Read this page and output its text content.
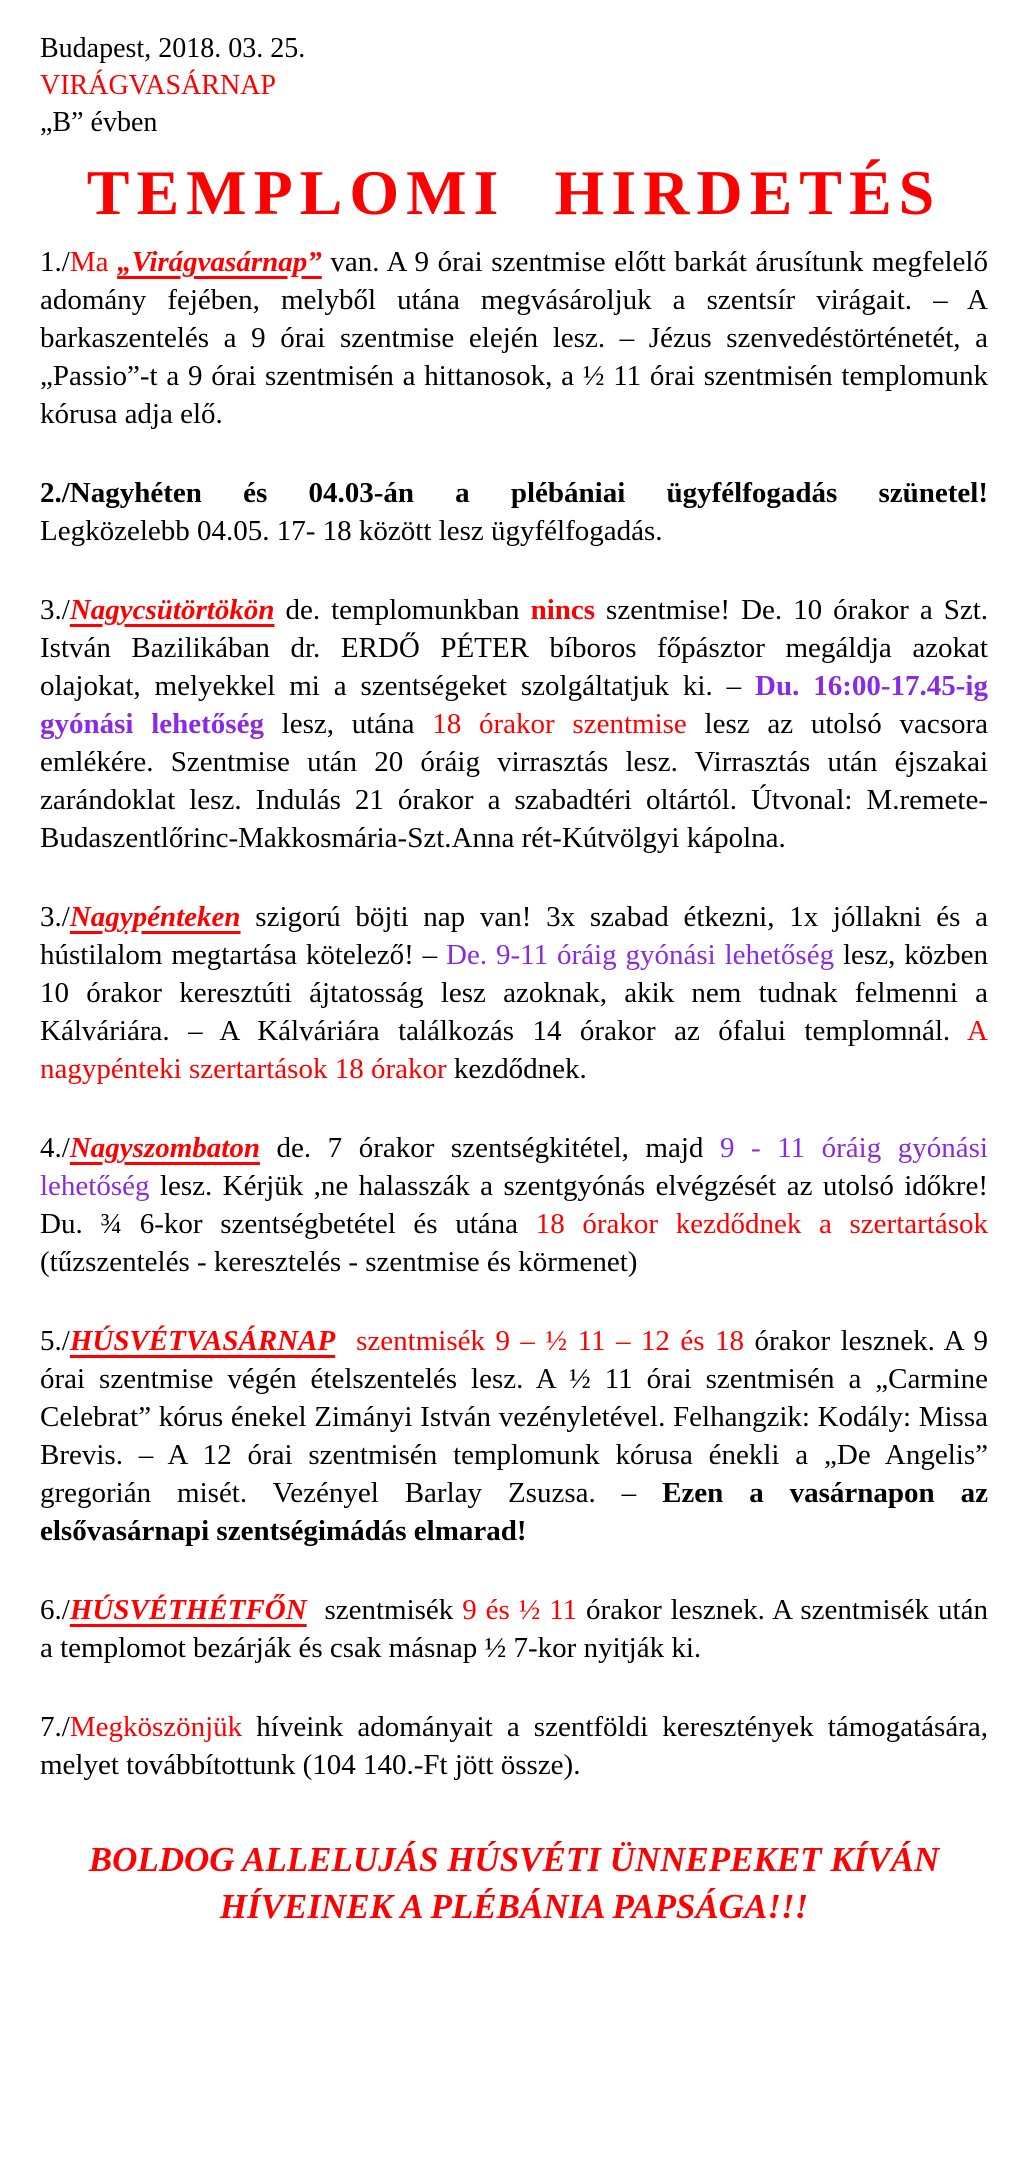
Budapest, 2018. 03. 25.

VIRÁGVASÁRNAP

„B” évben

TEMPLOMI HIRDETÉS

1./Ma „Virágvasárnap” van. A 9 órai szentmise előtt barkát árusítunk megfelelő adomány fejében, melyből utána megvásároljuk a szentsír virágait. – A barkaszentelés a 9 órai szentmise elején lesz. – Jézus szenvedéstörténetét, a „Passio”-t a 9 órai szentmisén a hittanosok, a ½ 11 órai szentmisén templomunk kórusa adja elő.

2./Nagyhéten és 04.03-án a plébániai ügyfélfogadás szünetel!
Legközelebb 04.05. 17- 18 között lesz ügyfélfogadás.

3./Nagycsütörtökön de. templomunkban nincs szentmise! De. 10 órakor a Szt. István Bazilikában dr. ERDŐ PÉTER bíboros főpásztor megáldja azokat olajokat, melyekkel mi a szentségeket szolgáltatjuk ki. – Du. 16:00-17.45-ig gyónási lehetőség lesz, utána 18 órakor szentmise lesz az utolsó vacsora emlékére. Szentmise után 20 óráig virrasztás lesz. Virrasztás után éjszakai zarándoklat lesz. Indulás 21 órakor a szabadtéri oltártól. Útvonal: M.remete-Budaszentlőrinc-Makkosmária-Szt.Anna rét-Kútvölgyi kápolna.

3./Nagypénteken szigorú böjti nap van! 3x szabad étkezni, 1x jóllakni és a hústilalom megtartása kötelező! – De. 9-11 óráig gyónási lehetőség lesz, közben 10 órakor keresztúti ájtatosság lesz azoknak, akik nem tudnak felmenni a Kálváriára. – A Kálváriára találkozás 14 órakor az ófalui templomnál. A nagypénteki szertartások 18 órakor kezdődnek.

4./Nagyszombaton de. 7 órakor szentségkitétel, majd 9 - 11 óráig gyónási lehetőség lesz. Kérjük ,ne halasszák a szentgyónás elvégzését az utolsó időkre! Du. ¾ 6-kor szentségbetétel és utána 18 órakor kezdődnek a szertartások (tűzszentelés - keresztelés - szentmise és körmenet)

5./HÚSVÉTVASÁRNAP  szentmisék 9 – ½ 11 – 12 és 18 órakor lesznek. A 9 órai szentmise végén ételszentelés lesz. A ½ 11 órai szentmisén a „Carmine Celebrat” kórus énekel Zimányi István vezényletével. Felhangzik: Kodály: Missa Brevis. – A 12 órai szentmisén templomunk kórusa énekli a „De Angelis” gregorián misét. Vezényel Barlay Zsuzsa. – Ezen a vasárnapon az elsővasárnapi szentségimádás elmarad!

6./HÚSVÉTHÉTFŐN  szentmisék 9 és ½ 11 órakor lesznek. A szentmisék után a templomot bezárják és csak másnap ½ 7-kor nyitják ki.

7./Megköszönjük híveink adományait a szentföldi keresztények támogatására, melyet továbbítottunk (104 140.-Ft jött össze).

BOLDOG ALLELUJÁS HÚSVÉTI ÜNNEPEKET KÍVÁN

HÍVEINEK A PLÉBÁNIA PAPSÁGA!!!
